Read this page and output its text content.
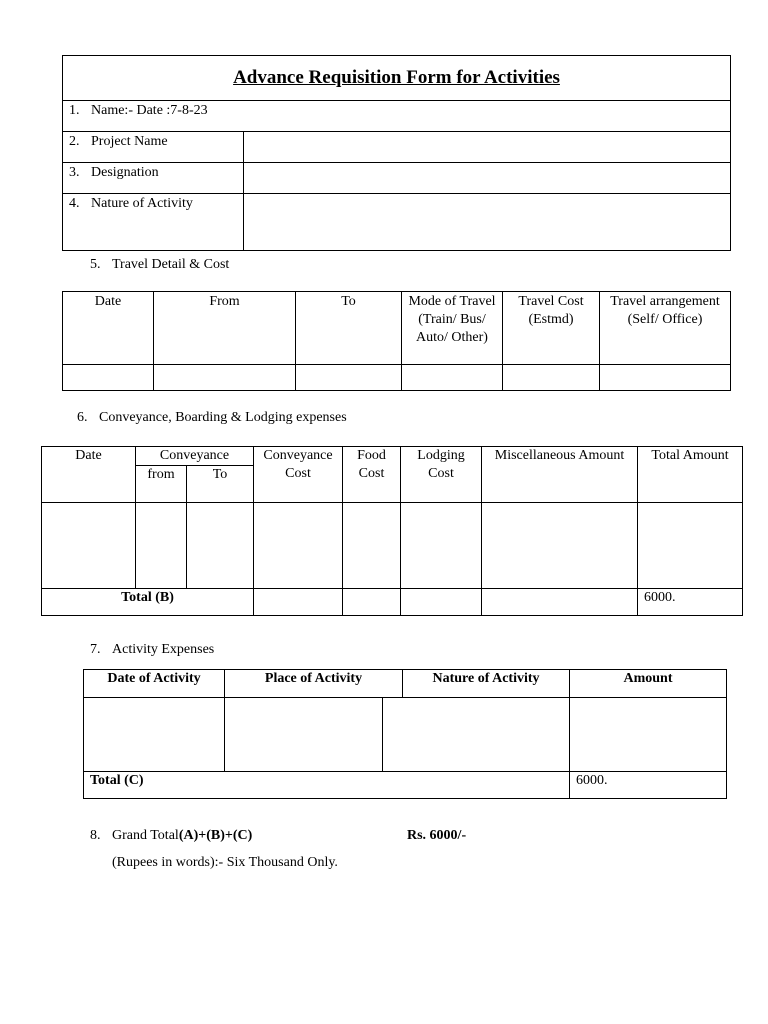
Advance Requisition Form for Activities	
1. Name:- Date :7-8-23	
2. Project Name	
3. Designation	
4. Nature of Activity	
5. Travel Detail & Cost
Date	From	To	Mode of Travel (Train/ Bus/ Auto/ Other)	Travel Cost (Estmd)	Travel arrangement (Self/ Office)

6. Conveyance, Boarding & Lodging expenses
Date	Conveyance		Conveyance Cost	Food Cost	Lodging Cost	Miscellaneous Amount	Total Amount
	from	To					

Total (B)							6000.
7. Activity Expenses
Date of Activity	Place of Activity		Nature of Activity	Amount

Total (C)				6000.
8. Grand Total(A)+(B)+(C)	Rs. 6000/-
(Rupees in words):- Six Thousand Only.
